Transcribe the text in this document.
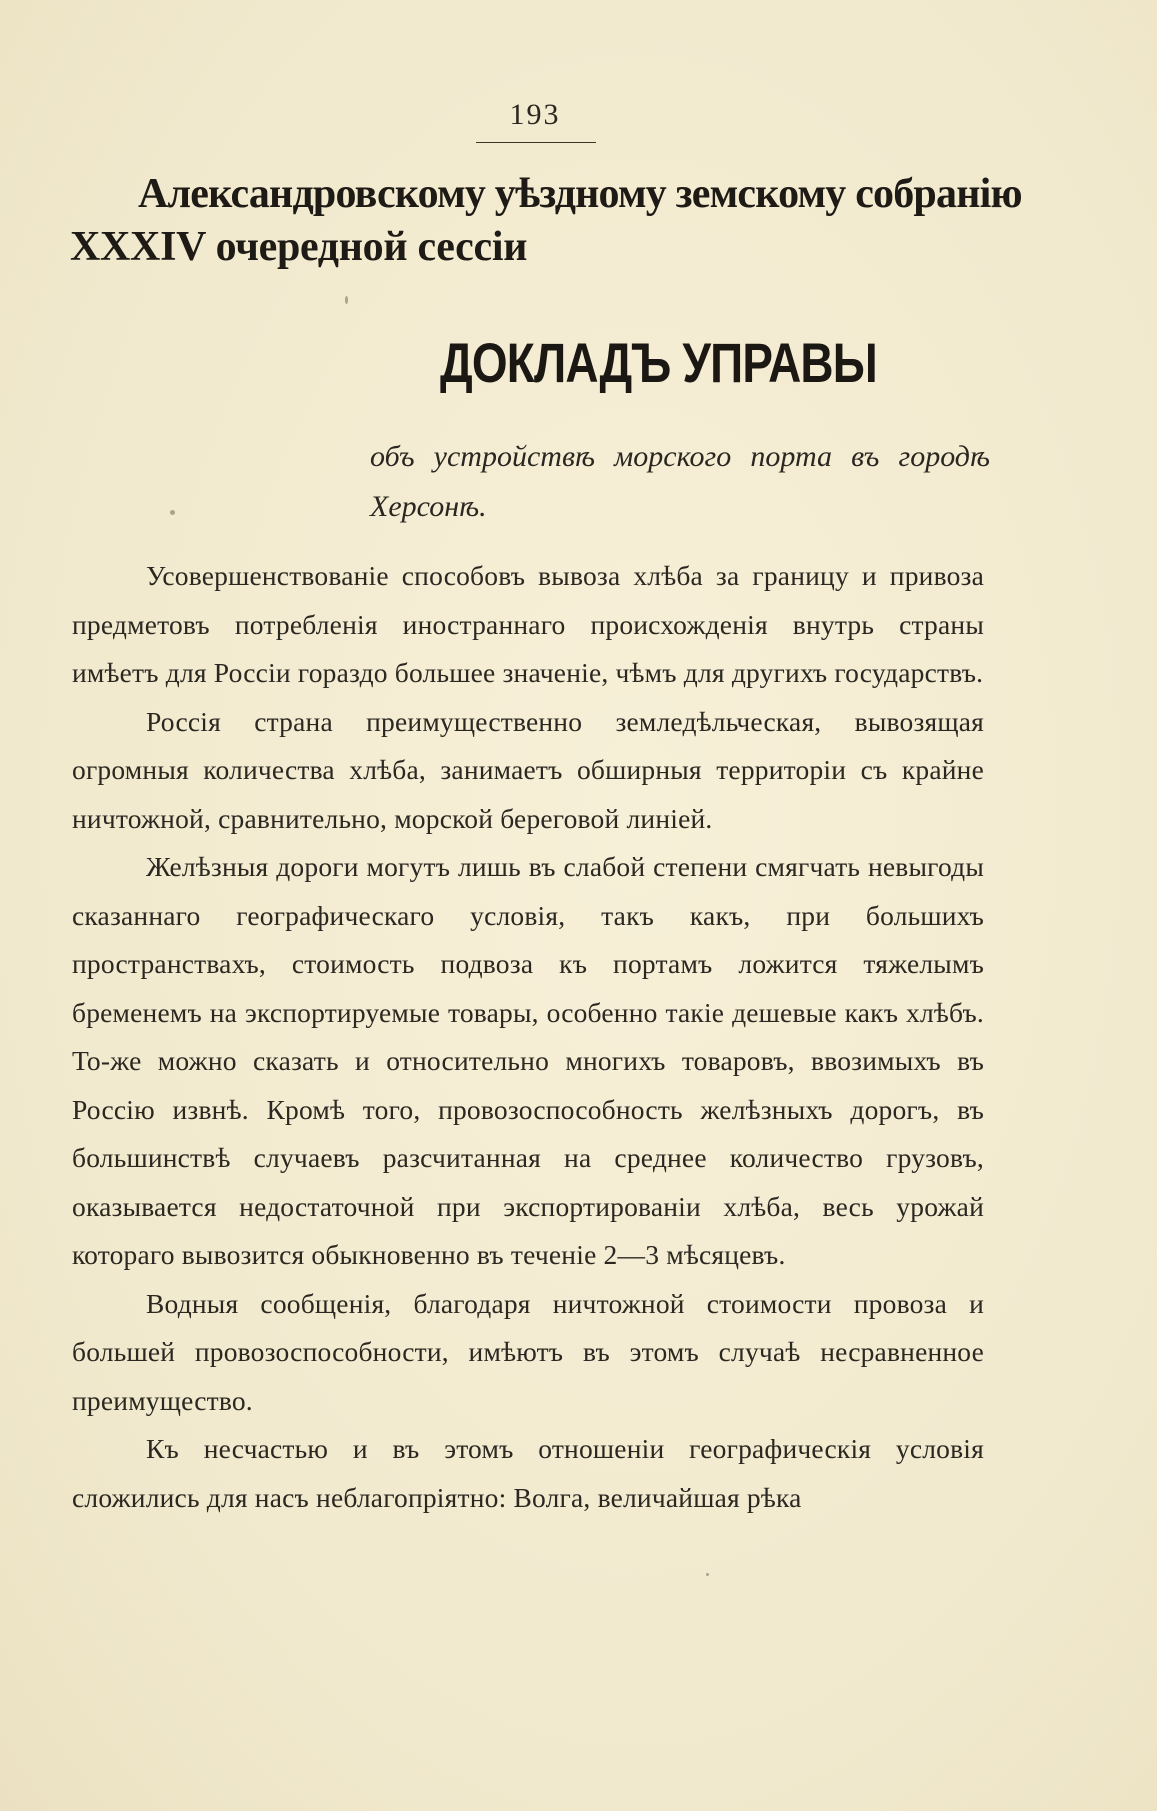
193
Александровскому уѣздному земскому собранію
XXXIV очередной сессіи
ДОКЛАДЪ УПРАВЫ
объ устройствѣ морского порта въ городѣ Херсонѣ.

Усовершенствованіе способовъ вывоза хлѣба за границу и привоза предметовъ потребленія иностраннаго происхожденія внутрь страны имѣетъ для Россіи гораздо большее значеніе, чѣмъ для другихъ государствъ.

Россія страна преимущественно земледѣльческая, вывозящая огромныя количества хлѣба, занимаетъ обширныя территоріи съ крайне ничтожной, сравнительно, морской береговой линіей.

Желѣзныя дороги могутъ лишь въ слабой степени смягчать невыгоды сказаннаго географическаго условія, такъ какъ, при большихъ пространствахъ, стоимость подвоза къ портамъ ложится тяжелымъ бременемъ на экспортируемые товары, особенно такіе дешевые какъ хлѣбъ. То-же можно сказать и относительно многихъ товаровъ, ввозимыхъ въ Россію извнѣ. Кромѣ того, провозоспособность желѣзныхъ дорогъ, въ большинствѣ случаевъ разсчитанная на среднее количество грузовъ, оказывается недостаточной при экспортированіи хлѣба, весь урожай котораго вывозится обыкновенно въ теченіе 2—3 мѣсяцевъ.

Водныя сообщенія, благодаря ничтожной стоимости провоза и большей провозоспособности, имѣютъ въ этомъ случаѣ несравненное преимущество.

Къ несчастью и въ этомъ отношеніи географическія условія сложились для насъ неблагопріятно: Волга, величайшая рѣка
